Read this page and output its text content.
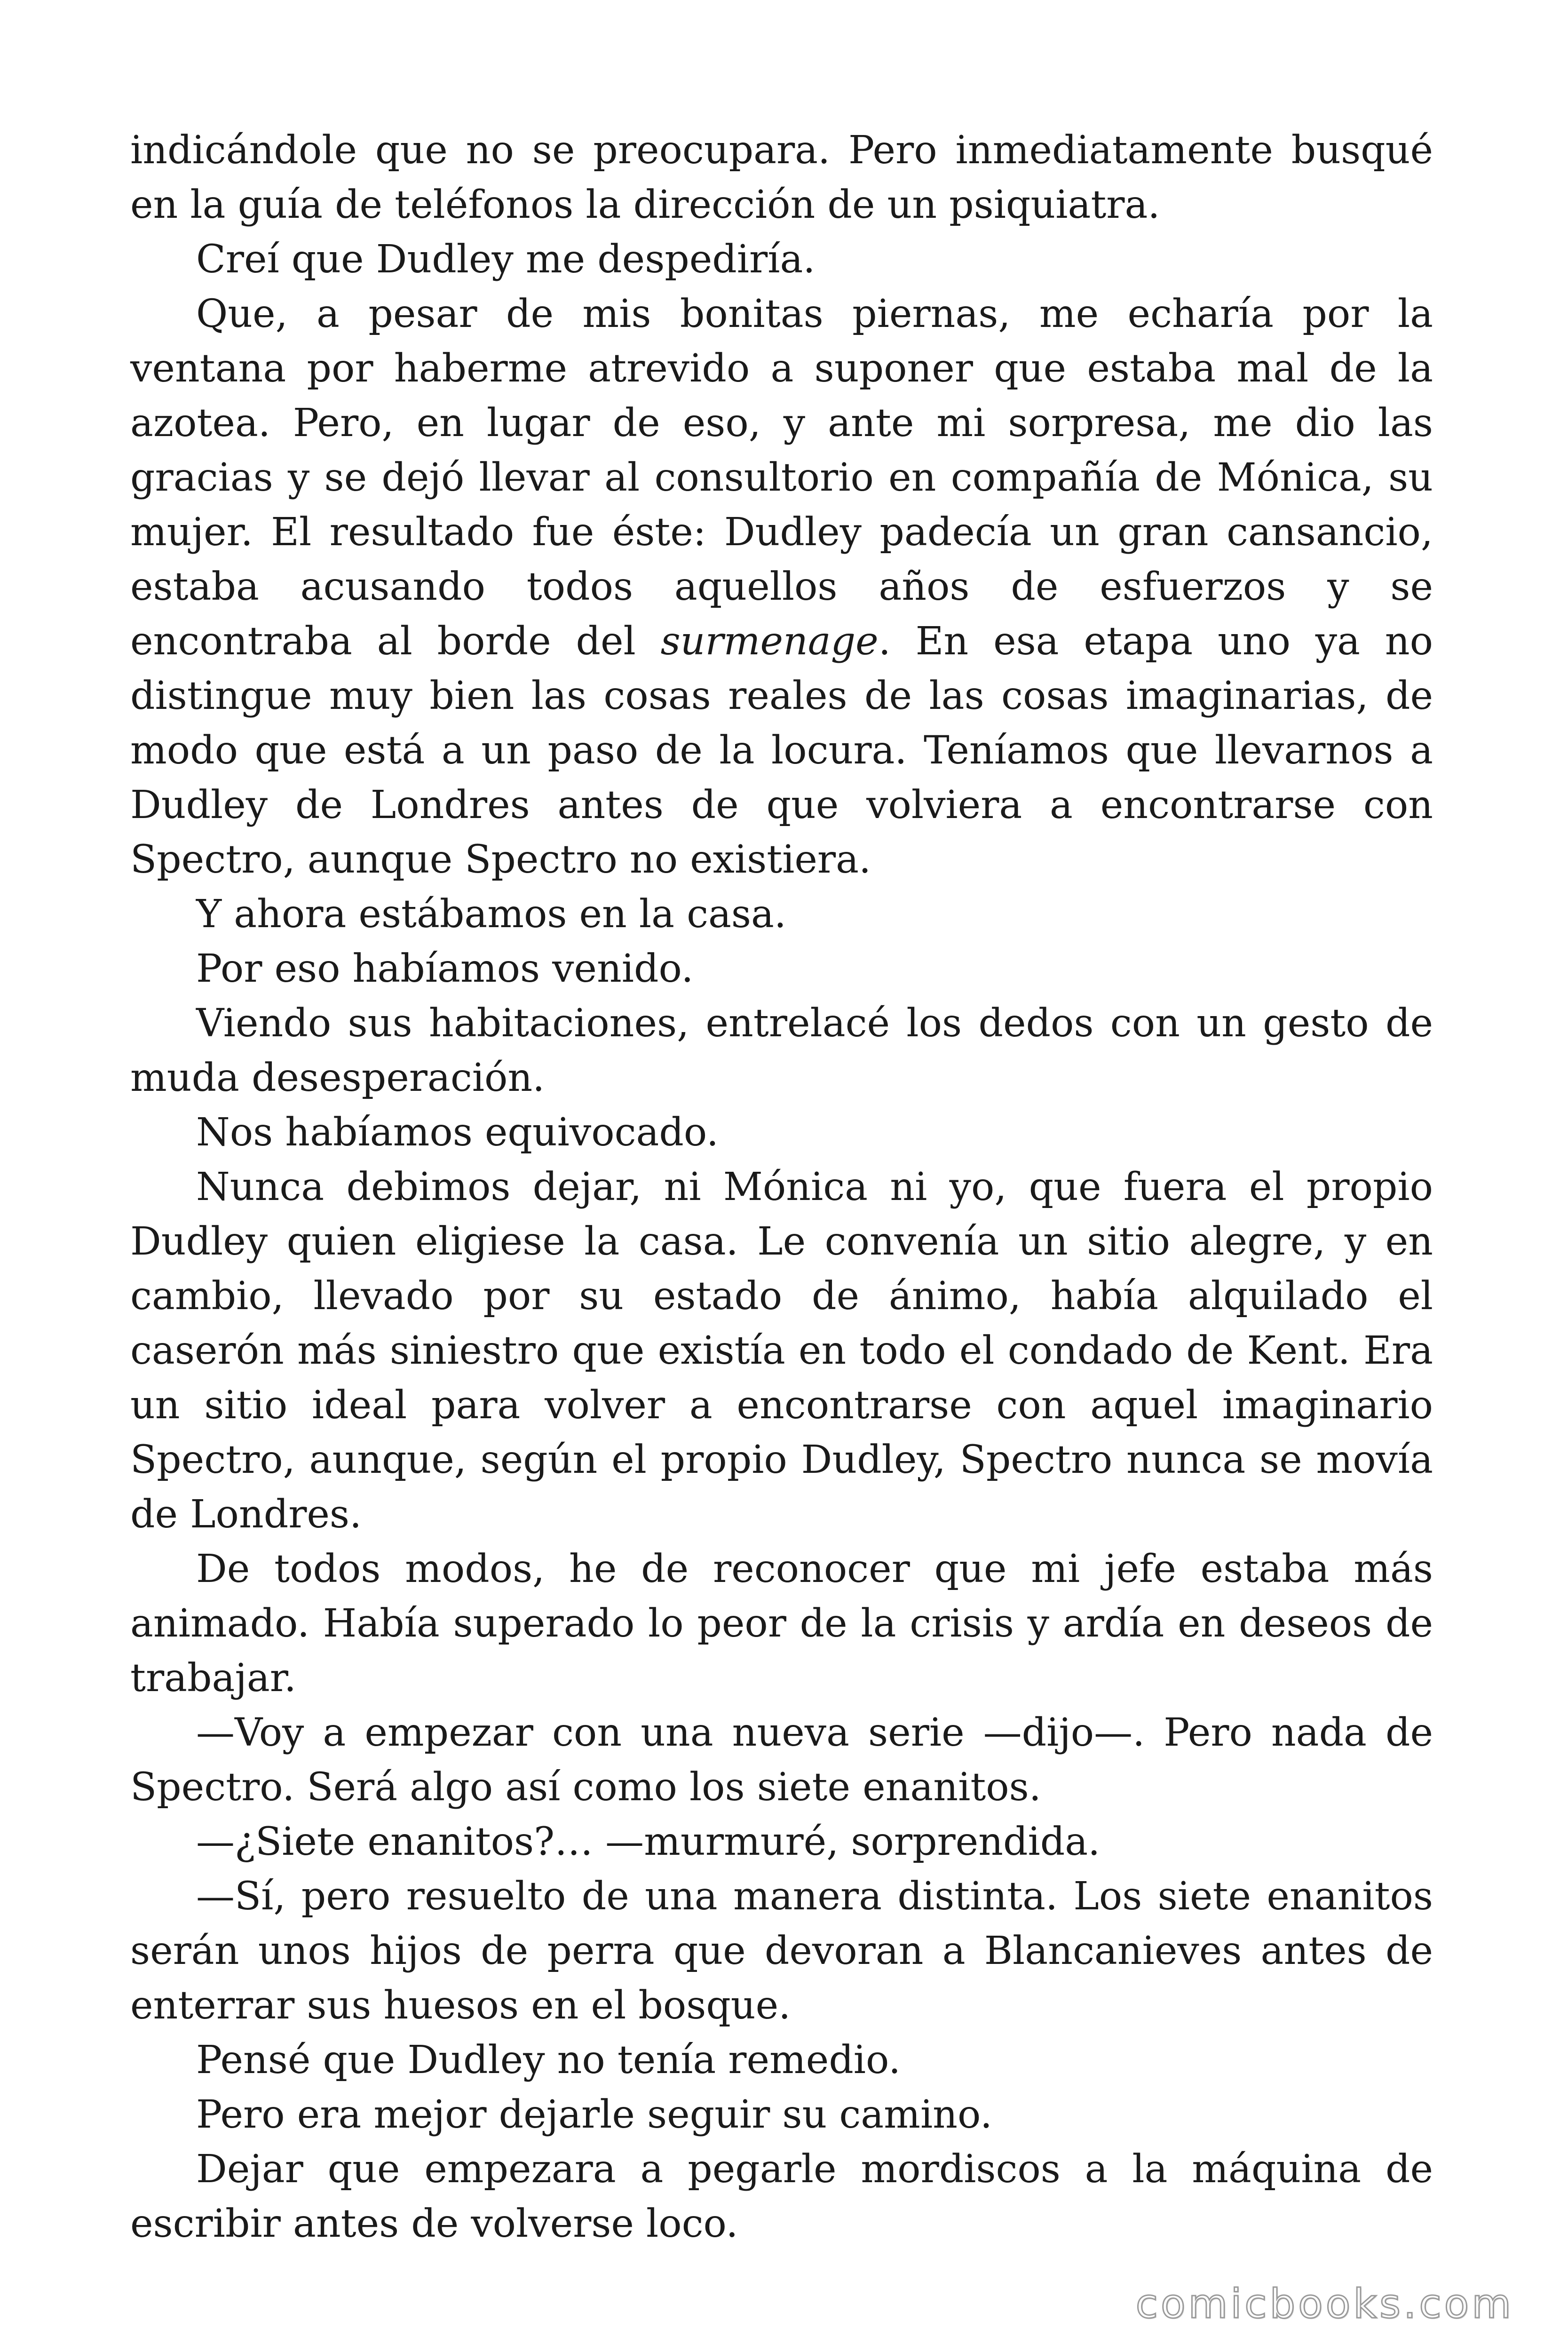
indicándole que no se preocupara. Pero inmediatamente busqué en la guía de teléfonos la dirección de un psiquiatra.

Creí que Dudley me despediría.

Que, a pesar de mis bonitas piernas, me echaría por la ventana por haberme atrevido a suponer que estaba mal de la azotea. Pero, en lugar de eso, y ante mi sorpresa, me dio las gracias y se dejó llevar al consultorio en compañía de Mónica, su mujer. El resultado fue éste: Dudley padecía un gran cansancio, estaba acusando todos aquellos años de esfuerzos y se encontraba al borde del surmenage. En esa etapa uno ya no distingue muy bien las cosas reales de las cosas imaginarias, de modo que está a un paso de la locura. Teníamos que llevarnos a Dudley de Londres antes de que volviera a encontrarse con Spectro, aunque Spectro no existiera.

Y ahora estábamos en la casa.

Por eso habíamos venido.

Viendo sus habitaciones, entrelacé los dedos con un gesto de muda desesperación.

Nos habíamos equivocado.

Nunca debimos dejar, ni Mónica ni yo, que fuera el propio Dudley quien eligiese la casa. Le convenía un sitio alegre, y en cambio, llevado por su estado de ánimo, había alquilado el caserón más siniestro que existía en todo el condado de Kent. Era un sitio ideal para volver a encontrarse con aquel imaginario Spectro, aunque, según el propio Dudley, Spectro nunca se movía de Londres.

De todos modos, he de reconocer que mi jefe estaba más animado. Había superado lo peor de la crisis y ardía en deseos de trabajar.

—Voy a empezar con una nueva serie —dijo—. Pero nada de Spectro. Será algo así como los siete enanitos.

—¿Siete enanitos?… —murmuré, sorprendida.

—Sí, pero resuelto de una manera distinta. Los siete enanitos serán unos hijos de perra que devoran a Blancanieves antes de enterrar sus huesos en el bosque.

Pensé que Dudley no tenía remedio.

Pero era mejor dejarle seguir su camino.

Dejar que empezara a pegarle mordiscos a la máquina de escribir antes de volverse loco.

comicbooks.com
